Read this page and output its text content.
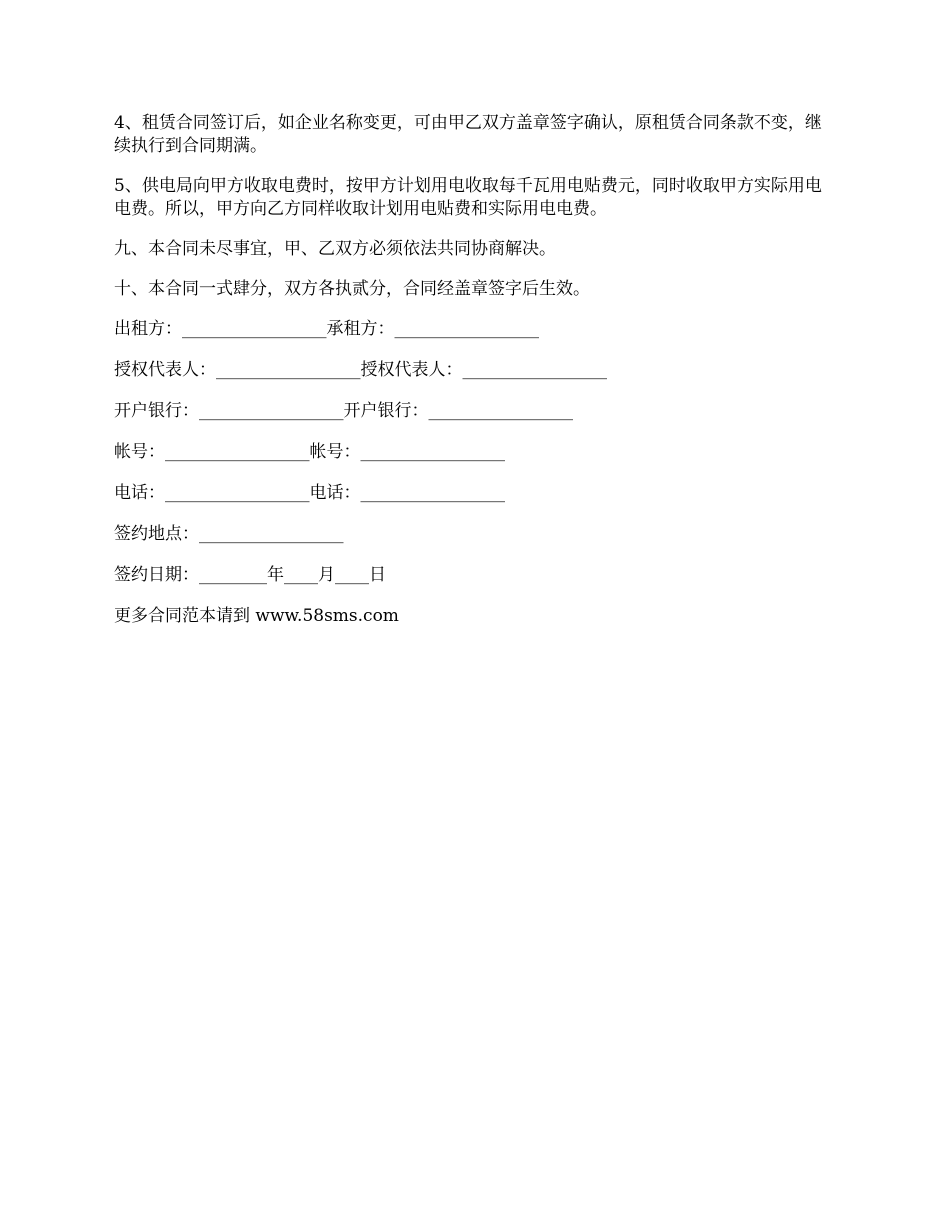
4、租赁合同签订后，如企业名称变更，可由甲乙双方盖章签字确认，原租赁合同条款不变，继续执行到合同期满。

5、供电局向甲方收取电费时，按甲方计划用电收取每千瓦用电贴费元，同时收取甲方实际用电电费。所以，甲方向乙方同样收取计划用电贴费和实际用电电费。

九、本合同未尽事宜，甲、乙双方必须依法共同协商解决。

十、本合同一式肆分，双方各执贰分，合同经盖章签字后生效。

出租方：_________________承租方：_________________

授权代表人：_________________授权代表人：_________________

开户银行：_________________开户银行：_________________

帐号：_________________帐号：_________________

电话：_________________电话：_________________

签约地点：_________________

签约日期：________年____月____日

更多合同范本请到 www.58sms.com
